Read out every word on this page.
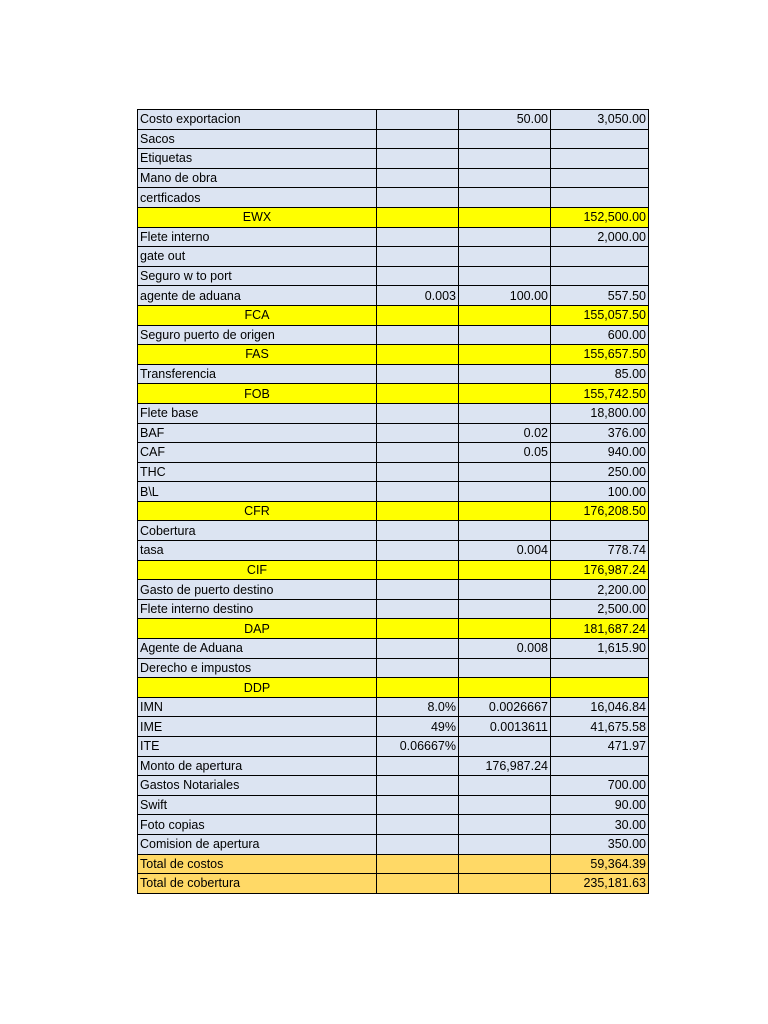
Costo exportacion		50.00	3,050.00
Sacos			
Etiquetas			
Mano de obra			
certficados			
EWX			152,500.00
Flete interno			2,000.00
gate out			
Seguro w to port			
agente de aduana	0.003	100.00	557.50
FCA			155,057.50
Seguro puerto de origen			600.00
FAS			155,657.50
Transferencia			85.00
FOB			155,742.50
Flete base			18,800.00
BAF		0.02	376.00
CAF		0.05	940.00
THC			250.00
B\L			100.00
CFR			176,208.50
Cobertura			
tasa		0.004	778.74
CIF			176,987.24
Gasto de puerto destino			2,200.00
Flete interno destino			2,500.00
DAP			181,687.24
Agente de Aduana		0.008	1,615.90
Derecho e impustos			
DDP			
IMN	8.0%	0.0026667	16,046.84
IME	49%	0.0013611	41,675.58
ITE	0.06667%		471.97
Monto de apertura		176,987.24	
Gastos Notariales			700.00
Swift			90.00
Foto copias			30.00
Comision de apertura			350.00
Total de costos			59,364.39
Total de cobertura			235,181.63
